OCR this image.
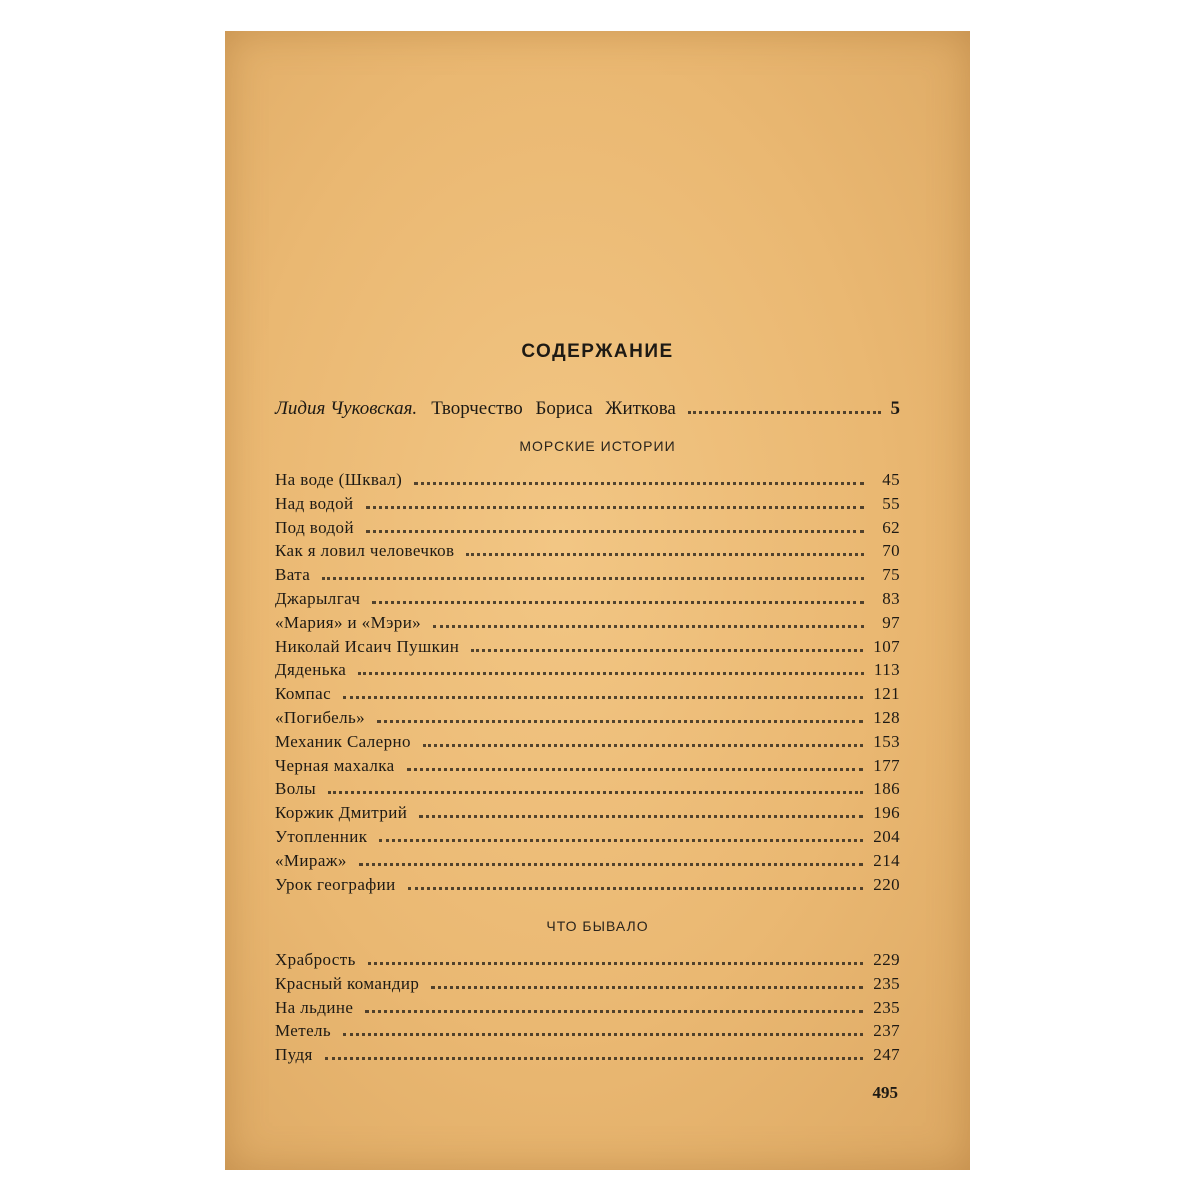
СОДЕРЖАНИЕ
Лидия Чуковская. Творчество Бориса Житкова	5
МОРСКИЕ ИСТОРИИ
На воде (Шквал)	45
Над водой	55
Под водой	62
Как я ловил человечков	70
Вата	75
Джарылгач	83
«Мария» и «Мэри»	97
Николай Исаич Пушкин	107
Дяденька	113
Компас	121
«Погибель»	128
Механик Салерно	153
Черная махалка	177
Волы	186
Коржик Дмитрий	196
Утопленник	204
«Мираж»	214
Урок географии	220
ЧТО БЫВАЛО
Храбрость	229
Красный командир	235
На льдине	235
Метель	237
Пудя	247
495
